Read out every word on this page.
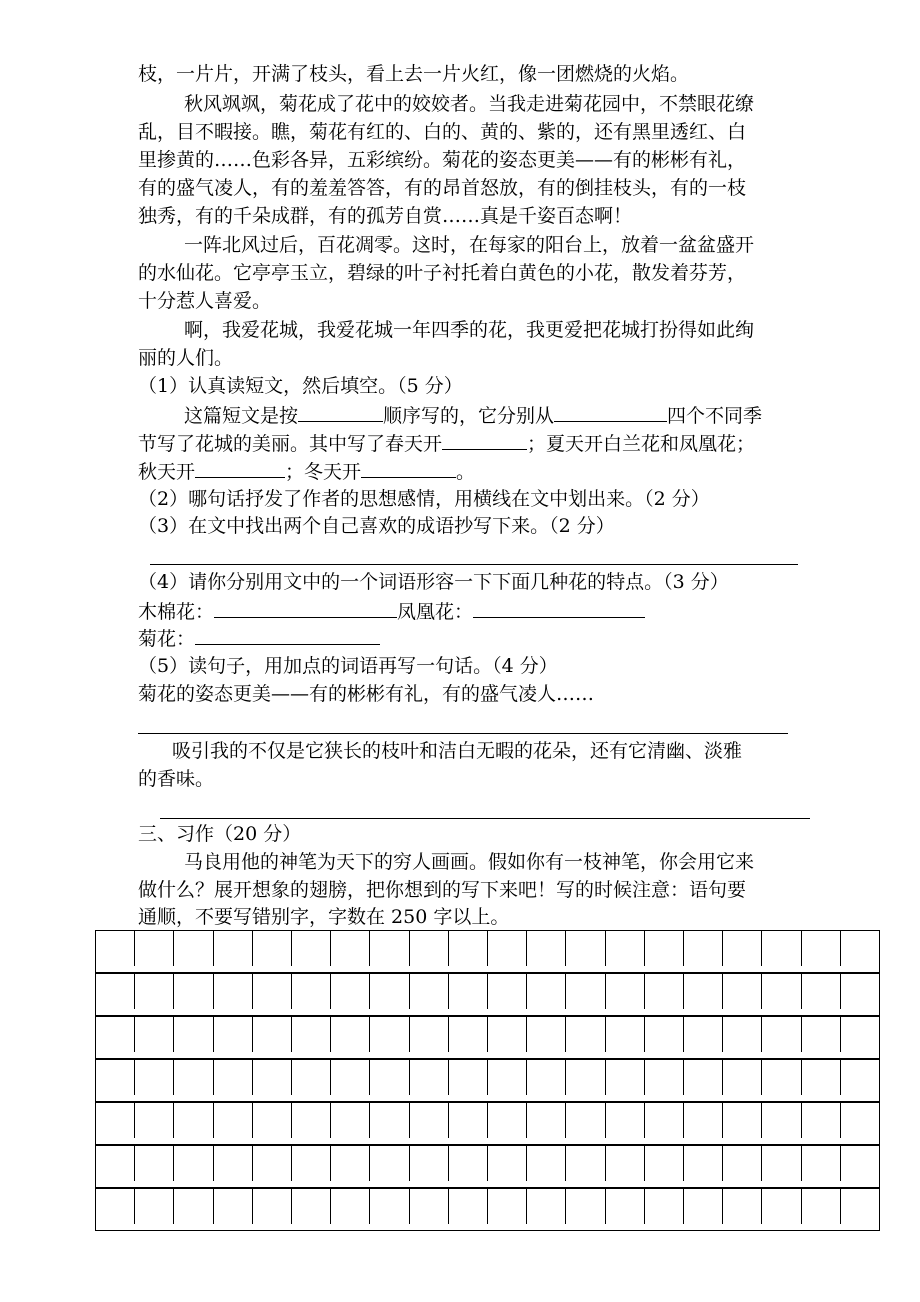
枝，一片片，开满了枝头，看上去一片火红，像一团燃烧的火焰。
秋风飒飒，菊花成了花中的姣姣者。当我走进菊花园中，不禁眼花缭
乱，目不暇接。瞧，菊花有红的、白的、黄的、紫的，还有黑里透红、白
里掺黄的……色彩各异，五彩缤纷。菊花的姿态更美——有的彬彬有礼，
有的盛气凌人，有的羞羞答答，有的昂首怒放，有的倒挂枝头，有的一枝
独秀，有的千朵成群，有的孤芳自赏……真是千姿百态啊！
一阵北风过后，百花凋零。这时，在每家的阳台上，放着一盆盆盛开
的水仙花。它亭亭玉立，碧绿的叶子衬托着白黄色的小花，散发着芬芳，
十分惹人喜爱。
啊，我爱花城，我爱花城一年四季的花，我更爱把花城打扮得如此绚
丽的人们。
（1）认真读短文，然后填空。（5 分）
这篇短文是按	顺序写的，它分别从	四个不同季
节写了花城的美丽。其中写了春天开	；夏天开白兰花和凤凰花；
秋天开	；冬天开	。
（2）哪句话抒发了作者的思想感情，用横线在文中划出来。（2 分）
（3）在文中找出两个自己喜欢的成语抄写下来。（2 分）
（4）请你分别用文中的一个词语形容一下下面几种花的特点。（3 分）
木棉花：	凤凰花：
菊花：
（5）读句子，用加点的词语再写一句话。（4 分）
菊花的姿态更美——有的彬彬有礼，有的盛气凌人……
吸引我的不仅是它狭长的枝叶和洁白无暇的花朵，还有它清幽、淡雅
的香味。
三、习作（20 分）
马良用他的神笔为天下的穷人画画。假如你有一枝神笔，你会用它来
做什么？展开想象的翅膀，把你想到的写下来吧！写的时候注意：语句要
通顺，不要写错别字，字数在 250 字以上。
